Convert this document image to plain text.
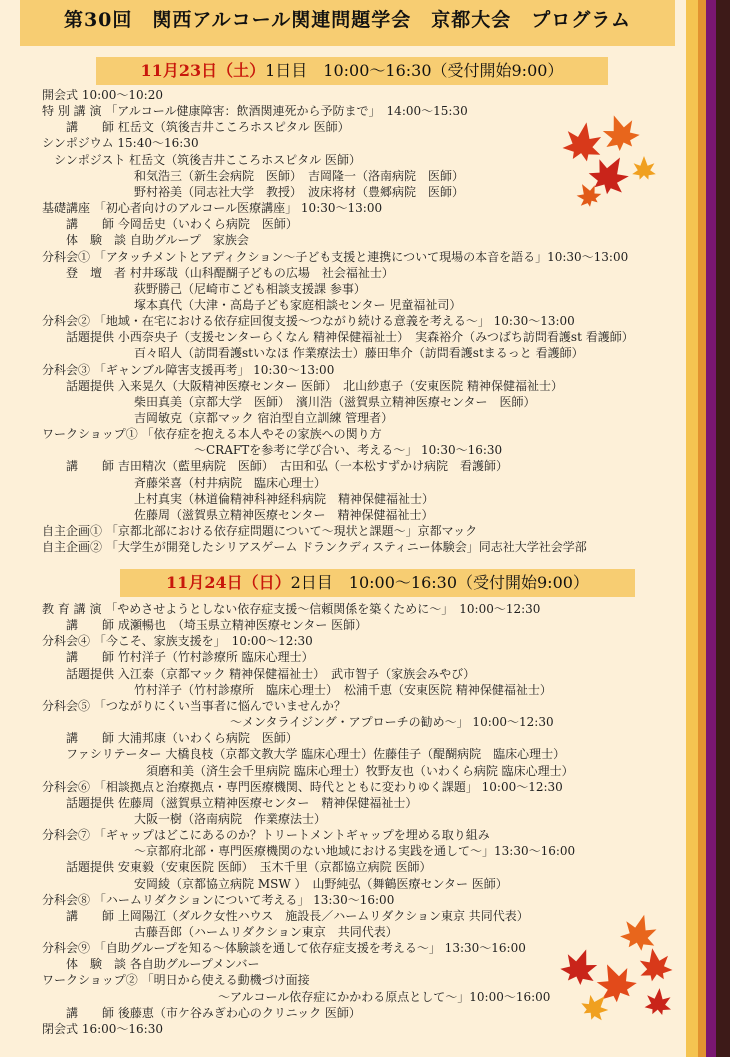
第30回　関西アルコール関連問題学会　京都大会　プログラム
11月23日（土）1日目　10:00～16:30（受付開始9:00）
11月24日（日）2日目　10:00～16:30（受付開始9:00）
開会式 10:00～10:20
特 別 講 演 「アルコール健康障害：飲酒関連死から予防まで」　14:00～15:30
　　講　　師 杠岳文（筑後吉井こころホスピタル 医師）
シンポジウム 15:40～16:30
　シンポジスト 杠岳文（筑後吉井こころホスピタル 医師）
和気浩三（新生会病院　医師）　吉岡隆一（洛南病院　医師）
野村裕美（同志社大学　教授）　波床将材（豊郷病院　医師）
基礎講座 「初心者向けのアルコール医療講座」 10:30～13:00
　　講　　師 今岡岳史（いわくら病院　医師）
　　体　験　談 自助グループ　家族会
分科会① 「アタッチメントとアディクション～子ども支援と連携について現場の本音を語る」10:30～13:00
　　登　壇　者 村井琢哉（山科醍醐子どもの広場　社会福祉士）
荻野勝己（尼崎市こども相談支援課 参事）
塚本真代（大津・高島子ども家庭相談センター 児童福祉司）
分科会② 「地域・在宅における依存症回復支援～つながり続ける意義を考える～」 10:30～13:00
　　話題提供 小西奈央子（支援センターらくなん 精神保健福祉士）　実森裕介（みつばち訪問看護st 看護師）
百々昭人（訪問看護stいなほ 作業療法士）藤田隼介（訪問看護stまるっと 看護師）
分科会③ 「ギャンブル障害支援再考」 10:30～13:00
　　話題提供 入来晃久（大阪精神医療センター 医師）　北山紗恵子（安東医院 精神保健福祉士）
柴田真美（京都大学　医師）　濱川浩（滋賀県立精神医療センター　医師）
吉岡敏克（京都マック 宿泊型自立訓練 管理者）
ワークショップ① 「依存症を抱える本人やその家族への関り方
　　　　　～CRAFTを参考に学び合い、考える～」 10:30～16:30
　　講　　師 吉田精次（藍里病院　医師）　古田和弘（一本松すずかけ病院　看護師）
斉藤栄喜（村井病院　臨床心理士）
上村真実（林道倫精神科神経科病院　精神保健福祉士）
佐藤周（滋賀県立精神医療センター　精神保健福祉士）
自主企画① 「京都北部における依存症問題について～現状と課題～」京都マック
自主企画② 「大学生が開発したシリアスゲーム ドランクディスティニー体験会」同志社大学社会学部
教 育 講 演 「やめさせようとしない依存症支援～信頼関係を築くために～」　10:00～12:30
　　講　　師 成瀬暢也　（埼玉県立精神医療センター 医師）
分科会④ 「今こそ、家族支援を」　10:00～12:30
　　講　　師 竹村洋子（竹村診療所 臨床心理士）
　　話題提供 入江泰（京都マック 精神保健福祉士）　武市智子（家族会みやび）
竹村洋子（竹村診療所　臨床心理士）　松浦千恵（安東医院 精神保健福祉士）
分科会⑤ 「つながりにくい当事者に悩んでいませんか？
　　　　　　　　～メンタライジング・アプローチの勧め～」 10:00～12:30
　　講　　師 大浦邦康（いわくら病院　医師）
　　ファシリテーター 大橋良枝（京都文教大学 臨床心理士）佐藤佳子（醍醐病院　臨床心理士）
　須磨和美（済生会千里病院 臨床心理士）牧野友也（いわくら病院 臨床心理士）
分科会⑥ 「相談拠点と治療拠点・専門医療機関、時代とともに変わりゆく課題」 10:00～12:30
　　話題提供 佐藤周（滋賀県立精神医療センター　精神保健福祉士）
大阪一樹（洛南病院　作業療法士）
分科会⑦ 「ギャップはどこにあるのか？トリートメントギャップを埋める取り組み
～京都府北部・専門医療機関のない地域における実践を通して～」13:30～16:00
　　話題提供 安東毅（安東医院 医師）　玉木千里（京都協立病院 医師）
安岡綾（京都協立病院 MSW ）　山野純弘（舞鶴医療センター 医師）
分科会⑧ 「ハームリダクションについて考える」 13:30～16:00
　　講　　師 上岡陽江（ダルク女性ハウス　施設長／ハームリダクション東京 共同代表）
古藤吾郎（ハームリダクション東京　共同代表）
分科会⑨ 「自助グループを知る～体験談を通して依存症支援を考える～」 13:30～16:00
　　体　験　談 各自助グループメンバー
ワークショップ② 「明日から使える動機づけ面接
　　　　　　　～アルコール依存症にかかわる原点として～」10:00～16:00
　　講　　師 後藤恵（市ケ谷みぎわ心のクリニック 医師）
閉会式 16:00～16:30
